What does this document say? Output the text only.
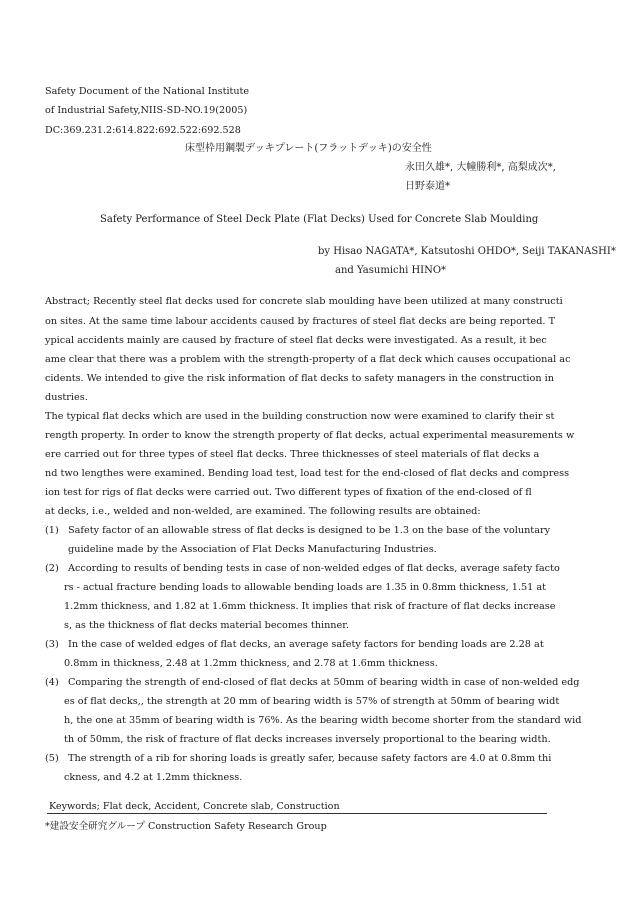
Safety Document of the National Institute
of Industrial Safety,NIIS-SD-NO.19(2005)
DC:369.231.2:614.822:692.522:692.528
床型枠用鋼製デッキプレート(フラットデッキ)の安全性
永田久雄*, 大幢勝利*, 高梨成次*,
日野泰道*
Safety Performance of Steel Deck Plate (Flat Decks) Used for Concrete Slab Moulding
by Hisao NAGATA*, Katsutoshi OHDO*, Seiji TAKANASHI*
and Yasumichi HINO*
Abstract; Recently steel flat decks used for concrete slab moulding have been utilized at many constructi
on sites. At the same time labour accidents caused by fractures of steel flat decks are being reported. T
ypical accidents mainly are caused by fracture of steel flat decks were investigated. As a result, it bec
ame clear that there was a problem with the strength-property of a flat deck which causes occupational ac
cidents. We intended to give the risk information of flat decks to safety managers in the construction in
dustries.
The typical flat decks which are used in the building construction now were examined to clarify their st
rength property. In order to know the strength property of flat decks, actual experimental measurements w
ere carried out for three types of steel flat decks. Three thicknesses of steel materials of flat decks a
nd two lengthes were examined. Bending load test, load test for the end-closed of flat decks and compress
ion test for rigs of flat decks were carried out. Two different types of fixation of the end-closed of fl
at decks, i.e., welded and non-welded, are examined. The following results are obtained:
(1) Safety factor of an allowable stress of flat decks is designed to be 1.3 on the base of the voluntary
guideline made by the Association of Flat Decks Manufacturing Industries.
(2) According to results of bending tests in case of non-welded edges of flat decks, average safety facto
rs - actual fracture bending loads to allowable bending loads are 1.35 in 0.8mm thickness, 1.51 at
1.2mm thickness, and 1.82 at 1.6mm thickness. It implies that risk of fracture of flat decks increase
s, as the thickness of flat decks material becomes thinner.
(3) In the case of welded edges of flat decks, an average safety factors for bending loads are 2.28 at
0.8mm in thickness, 2.48 at 1.2mm thickness, and 2.78 at 1.6mm thickness.
(4) Comparing the strength of end-closed of flat decks at 50mm of bearing width in case of non-welded edg
es of flat decks,, the strength at 20 mm of bearing width is 57% of strength at 50mm of bearing widt
h, the one at 35mm of bearing width is 76%. As the bearing width become shorter from the standard wid
th of 50mm, the risk of fracture of flat decks increases inversely proportional to the bearing width.
(5) The strength of a rib for shoring loads is greatly safer, because safety factors are 4.0 at 0.8mm thi
ckness, and 4.2 at 1.2mm thickness.
Keywords; Flat deck, Accident, Concrete slab, Construction
*建設安全研究グループ Construction Safety Research Group
